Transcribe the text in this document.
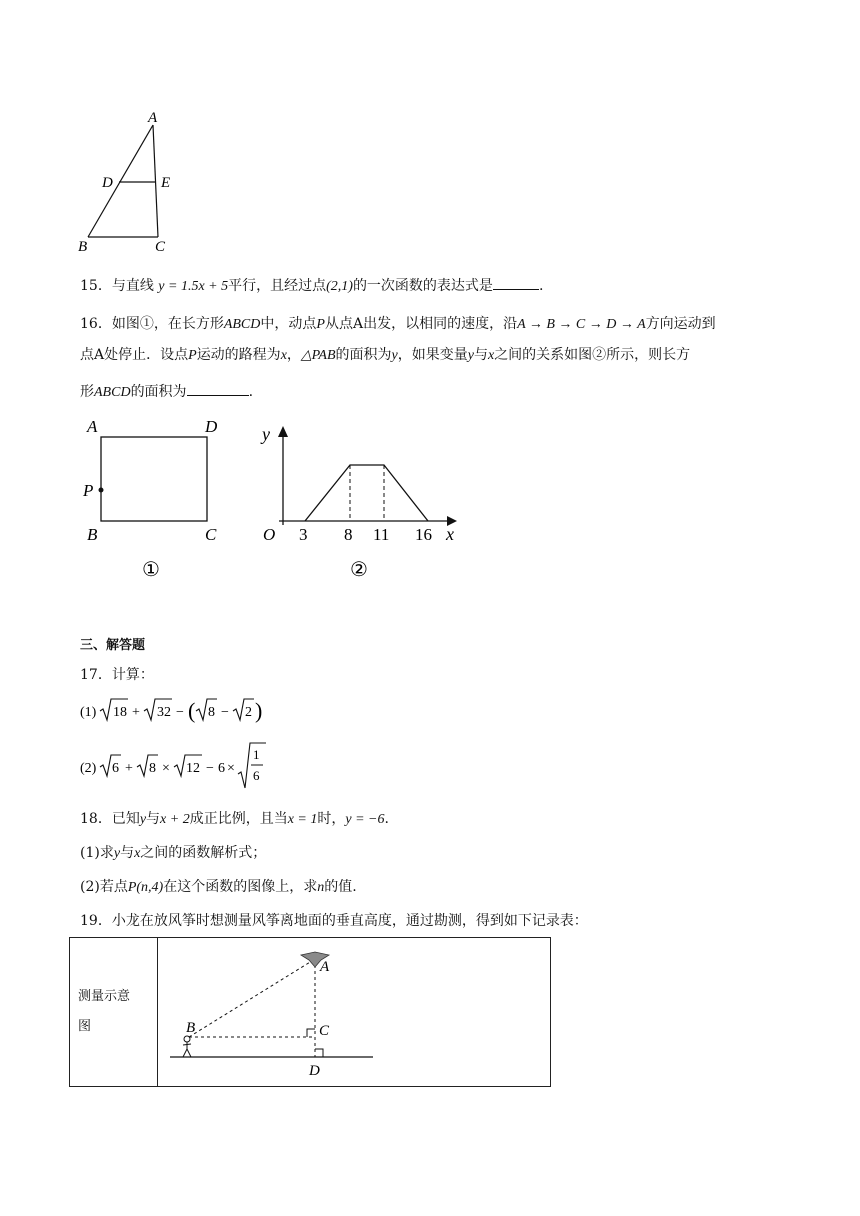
A
D	E
B	C
15．与直线 y = 1.5x + 5平行，且经过点(2,1)的一次函数的表达式是	.
16．如图①，在长方形ABCD中，动点P从点A出发，以相同的速度，沿A → B → C → D → A方向运动到
点A处停止．设点P运动的路程为x，△PAB的面积为y，如果变量y与x之间的关系如图②所示，则长方
形ABCD的面积为	.
A	D
P
B	C
①
y
O 3 8 11 16 x
②
三、解答题
17．计算：
(1) 18 + 32 − ( 8 − 2 )
(2) 6 + 8 × 12 − 6 ×
1
6
18．已知y与x + 2成正比例，且当x = 1时，y = −6.
(1)求y与x之间的函数解析式；
(2)若点P(n,4)在这个函数的图像上，求n的值.
19．小龙在放风筝时想测量风筝离地面的垂直高度，通过勘测，得到如下记录表：
测量示意
图

A
B	C
D
